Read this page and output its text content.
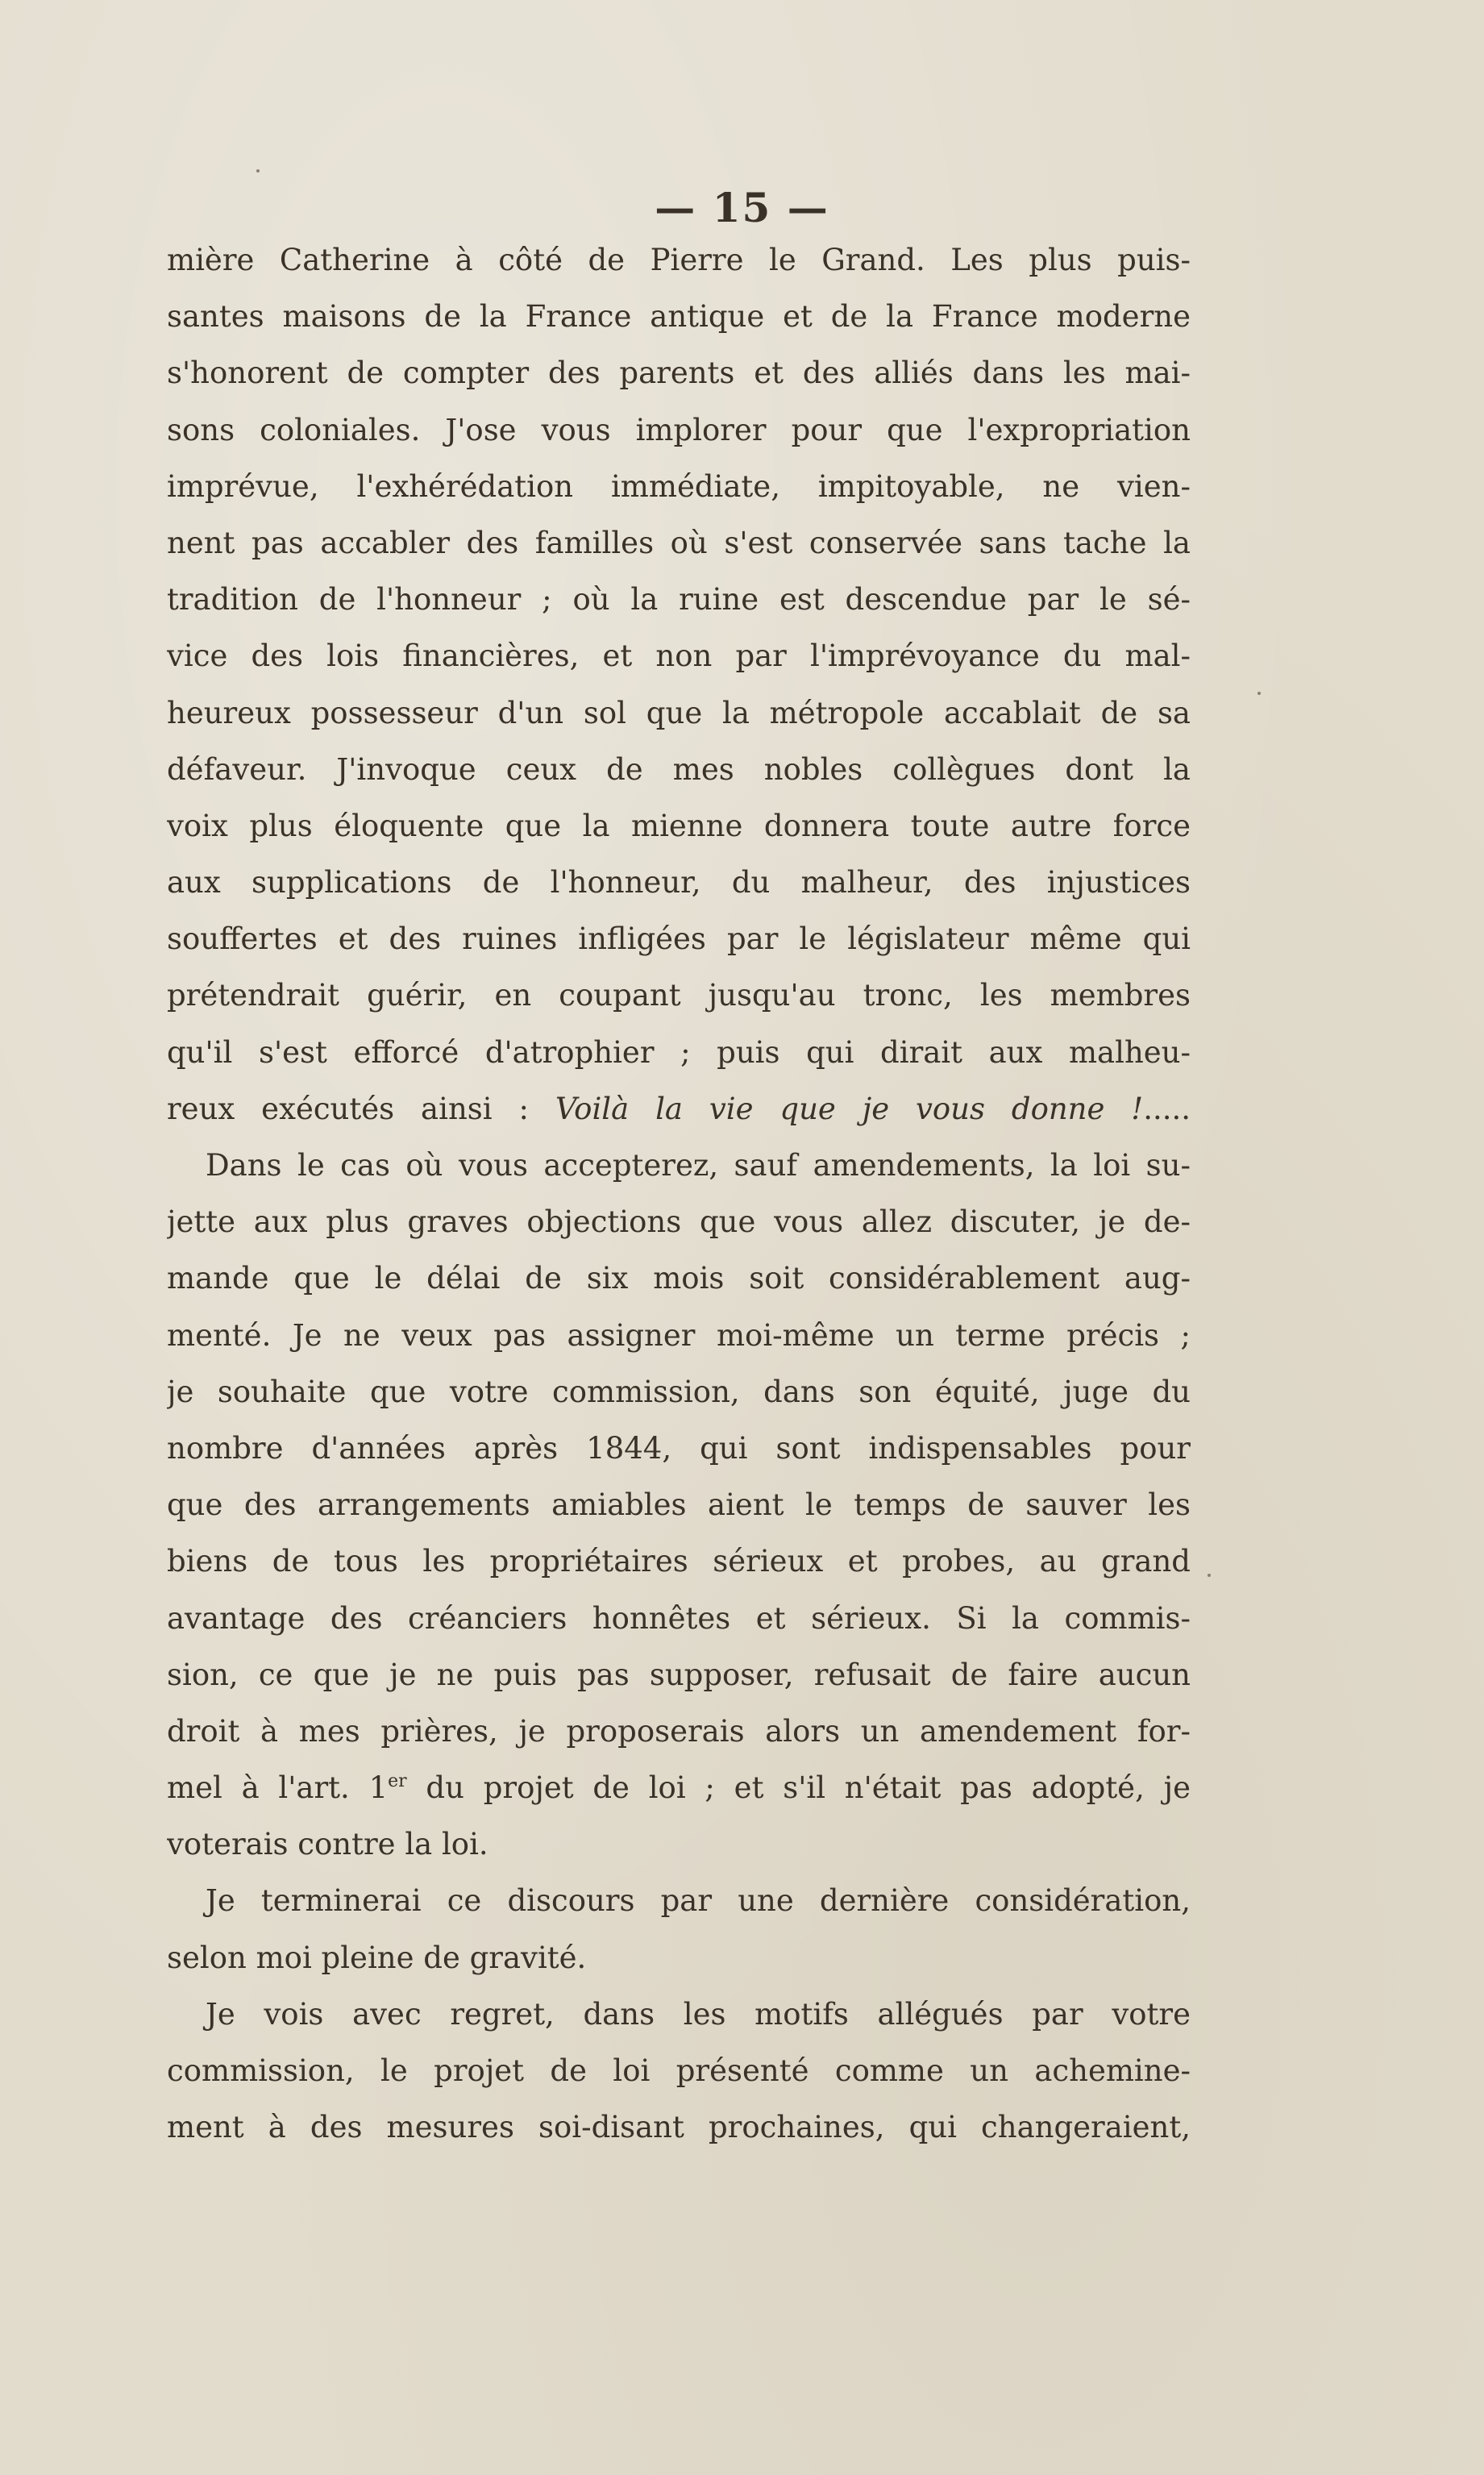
— 15 —
mière Catherine à côté de Pierre le Grand. Les plus puis-
santes maisons de la France antique et de la France moderne
s'honorent de compter des parents et des alliés dans les mai-
sons coloniales. J'ose vous implorer pour que l'expropriation
imprévue, l'exhérédation immédiate, impitoyable, ne vien-
nent pas accabler des familles où s'est conservée sans tache la
tradition de l'honneur ; où la ruine est descendue par le sé-
vice des lois financières, et non par l'imprévoyance du mal-
heureux possesseur d'un sol que la métropole accablait de sa
défaveur. J'invoque ceux de mes nobles collègues dont la
voix plus éloquente que la mienne donnera toute autre force
aux supplications de l'honneur, du malheur, des injustices
souffertes et des ruines infligées par le législateur même qui
prétendrait guérir, en coupant jusqu'au tronc, les membres
qu'il s'est efforcé d'atrophier ; puis qui dirait aux malheu-
reux exécutés ainsi : Voilà la vie que je vous donne !.....
Dans le cas où vous accepterez, sauf amendements, la loi su-
jette aux plus graves objections que vous allez discuter, je de-
mande que le délai de six mois soit considérablement aug-
menté. Je ne veux pas assigner moi-même un terme précis ;
je souhaite que votre commission, dans son équité, juge du
nombre d'années après 1844, qui sont indispensables pour
que des arrangements amiables aient le temps de sauver les
biens de tous les propriétaires sérieux et probes, au grand
avantage des créanciers honnêtes et sérieux. Si la commis-
sion, ce que je ne puis pas supposer, refusait de faire aucun
droit à mes prières, je proposerais alors un amendement for-
mel à l'art. 1er du projet de loi ; et s'il n'était pas adopté, je
voterais contre la loi.
Je terminerai ce discours par une dernière considération,
selon moi pleine de gravité.
Je vois avec regret, dans les motifs allégués par votre
commission, le projet de loi présenté comme un achemine-
ment à des mesures soi-disant prochaines, qui changeraient,
